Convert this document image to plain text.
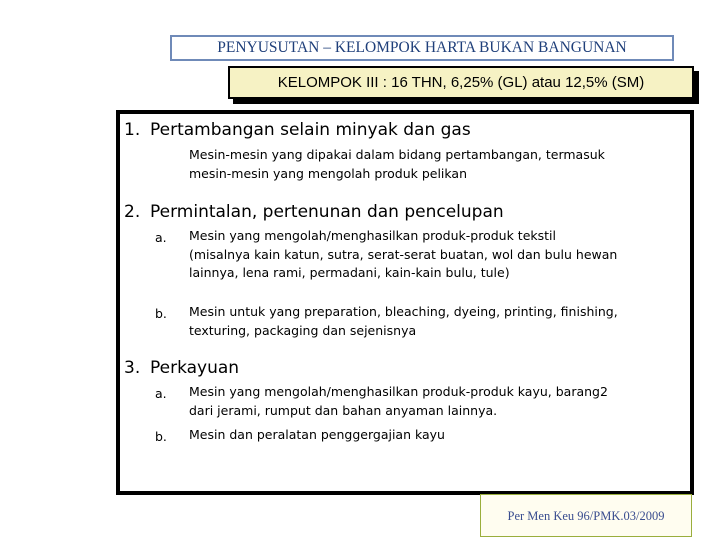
PENYUSUTAN – KELOMPOK HARTA BUKAN BANGUNAN
KELOMPOK III : 16 THN, 6,25% (GL) atau 12,5% (SM)
1. Pertambangan selain minyak dan gas
Mesin-mesin yang dipakai dalam bidang pertambangan, termasuk
mesin-mesin yang mengolah produk pelikan
2. Permintalan, pertenunan dan pencelupan
a. Mesin yang mengolah/menghasilkan produk-produk tekstil
(misalnya kain katun, sutra, serat-serat buatan, wol dan bulu hewan
lainnya, lena rami, permadani, kain-kain bulu, tule)
b. Mesin untuk yang preparation, bleaching, dyeing, printing, finishing,
texturing, packaging dan sejenisnya
3. Perkayuan
a. Mesin yang mengolah/menghasilkan produk-produk kayu, barang2
dari jerami, rumput dan bahan anyaman lainnya.
b. Mesin dan peralatan penggergajian kayu
Per Men Keu 96/PMK.03/2009
